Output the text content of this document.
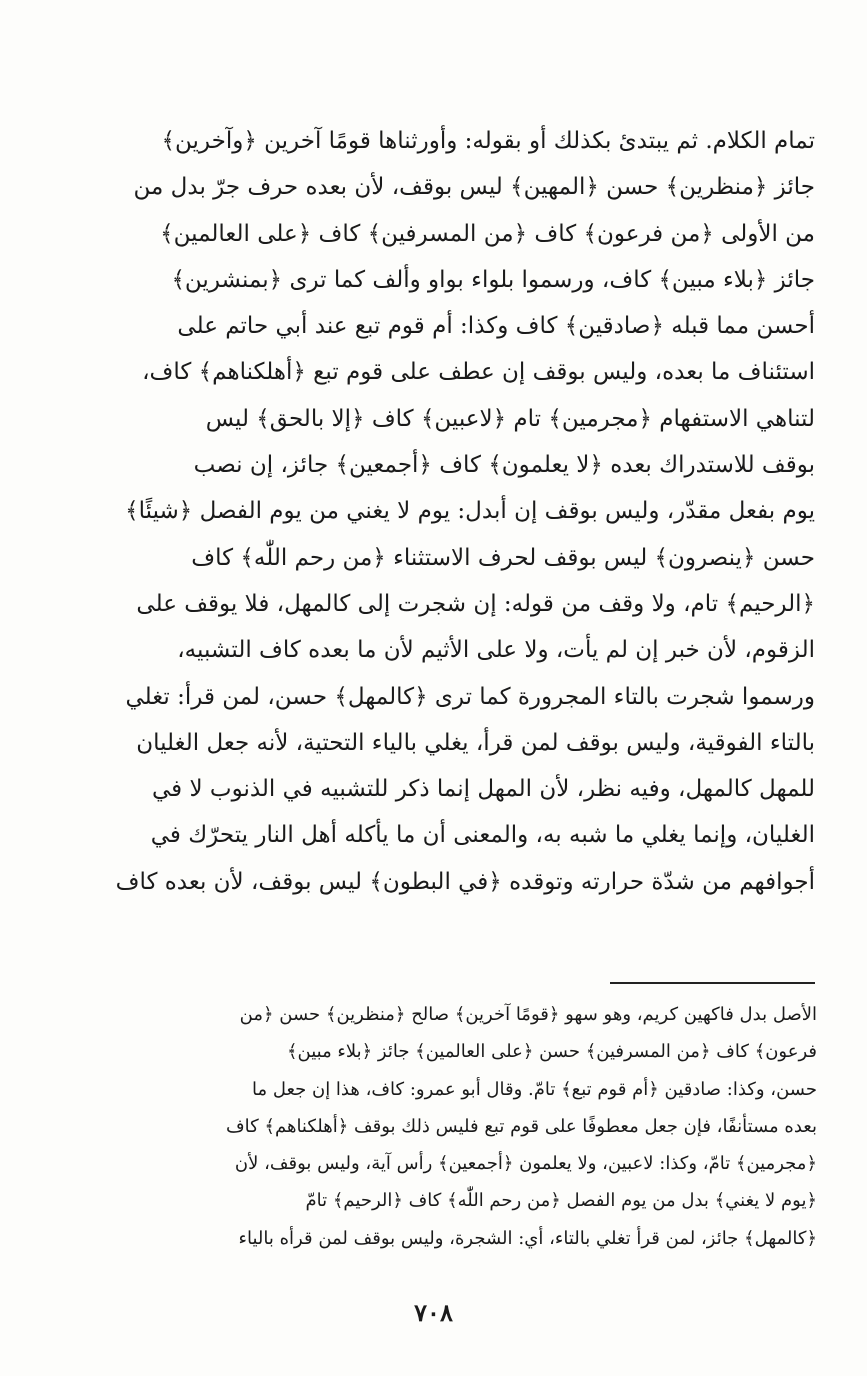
تمام الكلام. ثم يبتدئ بكذلك أو بقوله: وأورثناها قومًا آخرين ﴿وآخرين﴾
جائز ﴿منظرين﴾ حسن ﴿المهين﴾ ليس بوقف، لأن بعده حرف جرّ بدل من
من الأولى ﴿من فرعون﴾ كاف ﴿من المسرفين﴾ كاف ﴿على العالمين﴾
جائز ﴿بلاء مبين﴾ كاف، ورسموا بلواء بواو وألف كما ترى ﴿بمنشرين﴾
أحسن مما قبله ﴿صادقين﴾ كاف وكذا: أم قوم تبع عند أبي حاتم على
استئناف ما بعده، وليس بوقف إن عطف على قوم تبع ﴿أهلكناهم﴾ كاف،
لتناهي الاستفهام ﴿مجرمين﴾ تام ﴿لاعبين﴾ كاف ﴿إلا بالحق﴾ ليس
بوقف للاستدراك بعده ﴿لا يعلمون﴾ كاف ﴿أجمعين﴾ جائز، إن نصب
يوم بفعل مقدّر، وليس بوقف إن أبدل: يوم لا يغني من يوم الفصل ﴿شيئًا﴾
حسن ﴿ينصرون﴾ ليس بوقف لحرف الاستثناء ﴿من رحم اللّٰه﴾ كاف
﴿الرحيم﴾ تام، ولا وقف من قوله: إن شجرت إلى كالمهل، فلا يوقف على
الزقوم، لأن خبر إن لم يأت، ولا على الأثيم لأن ما بعده كاف التشبيه،
ورسموا شجرت بالتاء المجرورة كما ترى ﴿كالمهل﴾ حسن، لمن قرأ: تغلي
بالتاء الفوقية، وليس بوقف لمن قرأ، يغلي بالياء التحتية، لأنه جعل الغليان
للمهل كالمهل، وفيه نظر، لأن المهل إنما ذكر للتشبيه في الذنوب لا في
الغليان، وإنما يغلي ما شبه به، والمعنى أن ما يأكله أهل النار يتحرّك في
أجوافهم من شدّة حرارته وتوقده ﴿في البطون﴾ ليس بوقف، لأن بعده كاف
الأصل بدل فاكهين كريم، وهو سهو ﴿قومًا آخرين﴾ صالح ﴿منظرين﴾ حسن ﴿من
فرعون﴾ كاف ﴿من المسرفين﴾ حسن ﴿على العالمين﴾ جائز ﴿بلاء مبين﴾
حسن، وكذا: صادقين ﴿أم قوم تبع﴾ تامّ. وقال أبو عمرو: كاف، هذا إن جعل ما
بعده مستأنفًا، فإن جعل معطوفًا على قوم تبع فليس ذلك بوقف ﴿أهلكناهم﴾ كاف
﴿مجرمين﴾ تامّ، وكذا: لاعبين، ولا يعلمون ﴿أجمعين﴾ رأس آية، وليس بوقف، لأن
﴿يوم لا يغني﴾ بدل من يوم الفصل ﴿من رحم اللّٰه﴾ كاف ﴿الرحيم﴾ تامّ
﴿كالمهل﴾ جائز، لمن قرأ تغلي بالتاء، أي: الشجرة، وليس بوقف لمن قرأه بالياء
٧٠٨
